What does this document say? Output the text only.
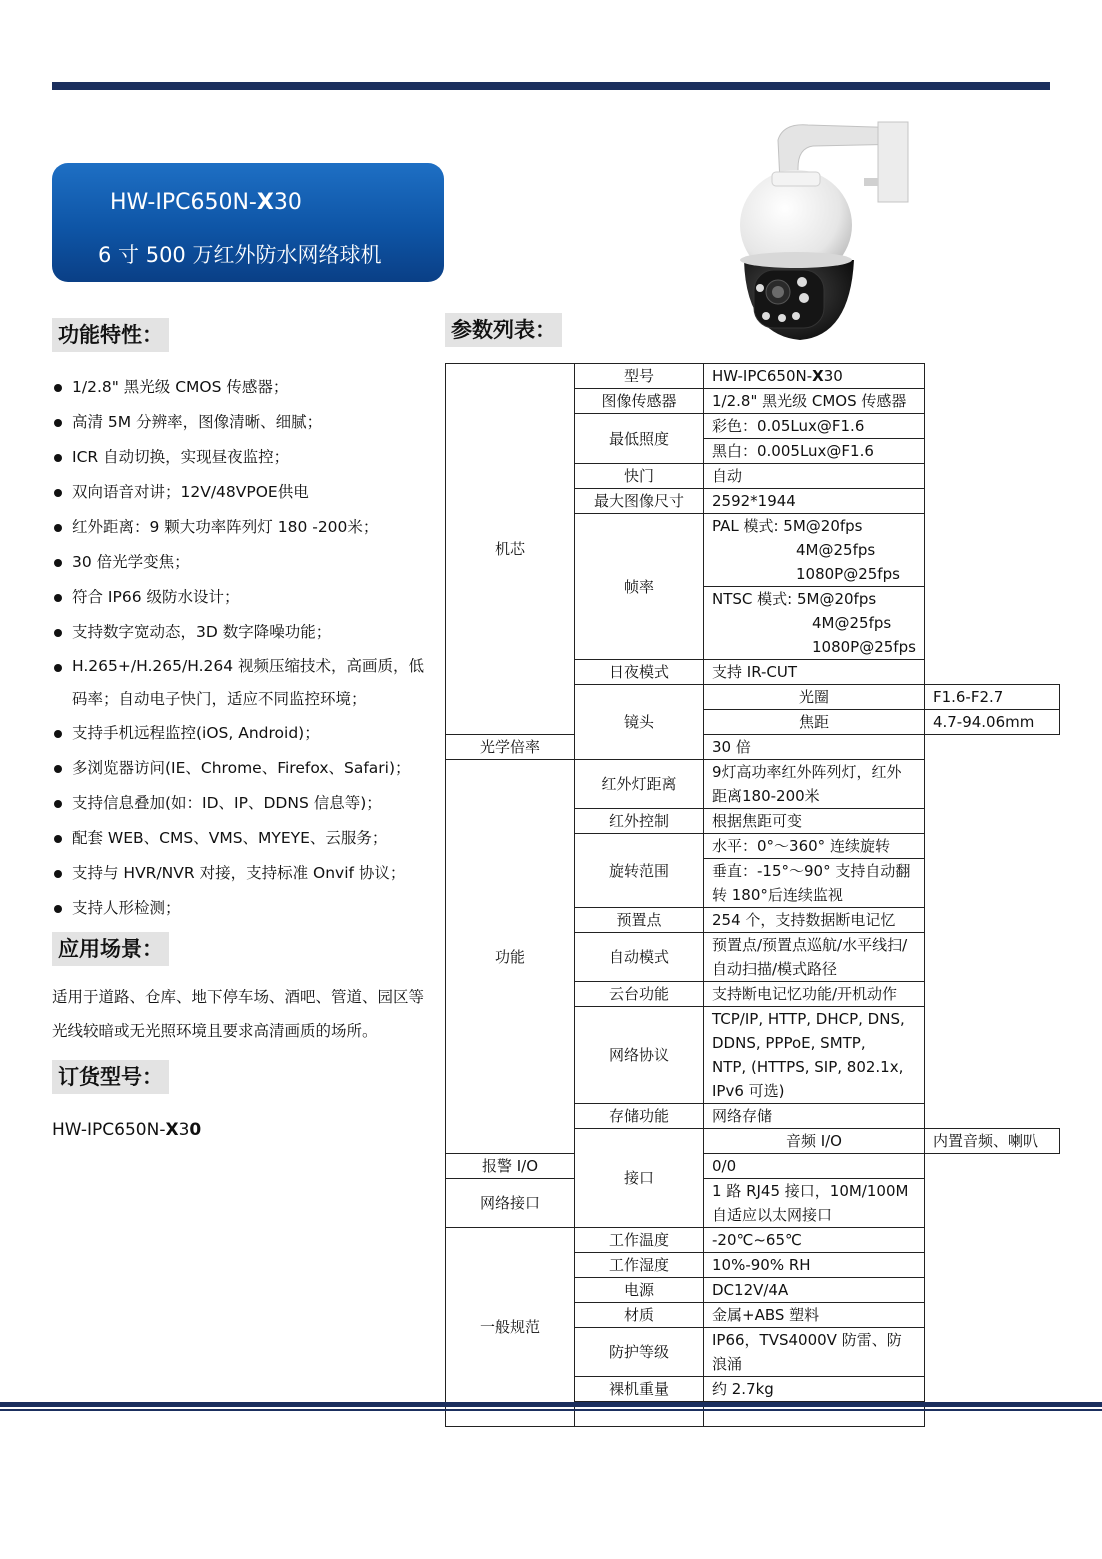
HW-IPC650N-X30
6 寸 500 万红外防水网络球机
功能特性：
1/2.8" 黑光级 CMOS 传感器；
高清 5M 分辨率，图像清晰、细腻；
ICR 自动切换，实现昼夜监控；
双向语音对讲；12V/48VPOE供电
红外距离：9 颗大功率阵列灯 180 -200米；
30 倍光学变焦；
符合 IP66 级防水设计；
支持数字宽动态，3D 数字降噪功能；
H.265+/H.265/H.264 视频压缩技术，高画质，低码率；自动电子快门，适应不同监控环境；
支持手机远程监控(iOS, Android)；
多浏览器访问(IE、Chrome、Firefox、Safari)；
支持信息叠加(如：ID、IP、DDNS 信息等)；
配套 WEB、CMS、VMS、MYEYE、云服务；
支持与 HVR/NVR 对接，支持标准 Onvif 协议；
支持人形检测；
应用场景：
适用于道路、仓库、地下停车场、酒吧、管道、园区等光线较暗或无光照环境且要求高清画质的场所。
订货型号：
HW-IPC650N-X30
参数列表：
机芯	型号	HW-IPC650N-X30	
	图像传感器	1/2.8" 黑光级 CMOS 传感器	
	最低照度	彩色：0.05Lux@F1.6	
		黑白：0.005Lux@F1.6	
	快门	自动	
	最大图像尺寸	2592*1944	
	帧率	PAL 模式: 5M@20fps
4M@25fps
1080P@25fps	

		NTSC 模式: 5M@20fps
4M@25fps
1080P@25fps	

	日夜模式	支持 IR-CUT	
	镜头	光圈	F1.6-F2.7
		焦距	4.7-94.06mm
光学倍率		30 倍	
功能	红外灯距离	9灯高功率红外阵列灯，红外距离180-200米	
	红外控制	根据焦距可变	
	旋转范围	水平：0°～360° 连续旋转	
		垂直：-15°～90° 支持自动翻转 180°后连续监视	
	预置点	254 个，支持数据断电记忆	
	自动模式	预置点/预置点巡航/水平线扫/自动扫描/模式路径	
	云台功能	支持断电记忆功能/开机动作	
	网络协议	TCP/IP, HTTP, DHCP, DNS, DDNS, PPPoE, SMTP,
NTP, (HTTPS, SIP, 802.1x, IPv6 可选)	

	存储功能	网络存储	
	接口	音频 I/O	内置音频、喇叭
报警 I/O		0/0	
网络接口		1 路 RJ45 接口，10M/100M 自适应以太网接口	
一般规范	工作温度	-20℃~65℃	
	工作湿度	10%-90% RH	
	电源	DC12V/4A	
	材质	金属+ABS 塑料	
	防护等级	IP66，TVS4000V 防雷、防浪涌	
	裸机重量	约 2.7kg	
